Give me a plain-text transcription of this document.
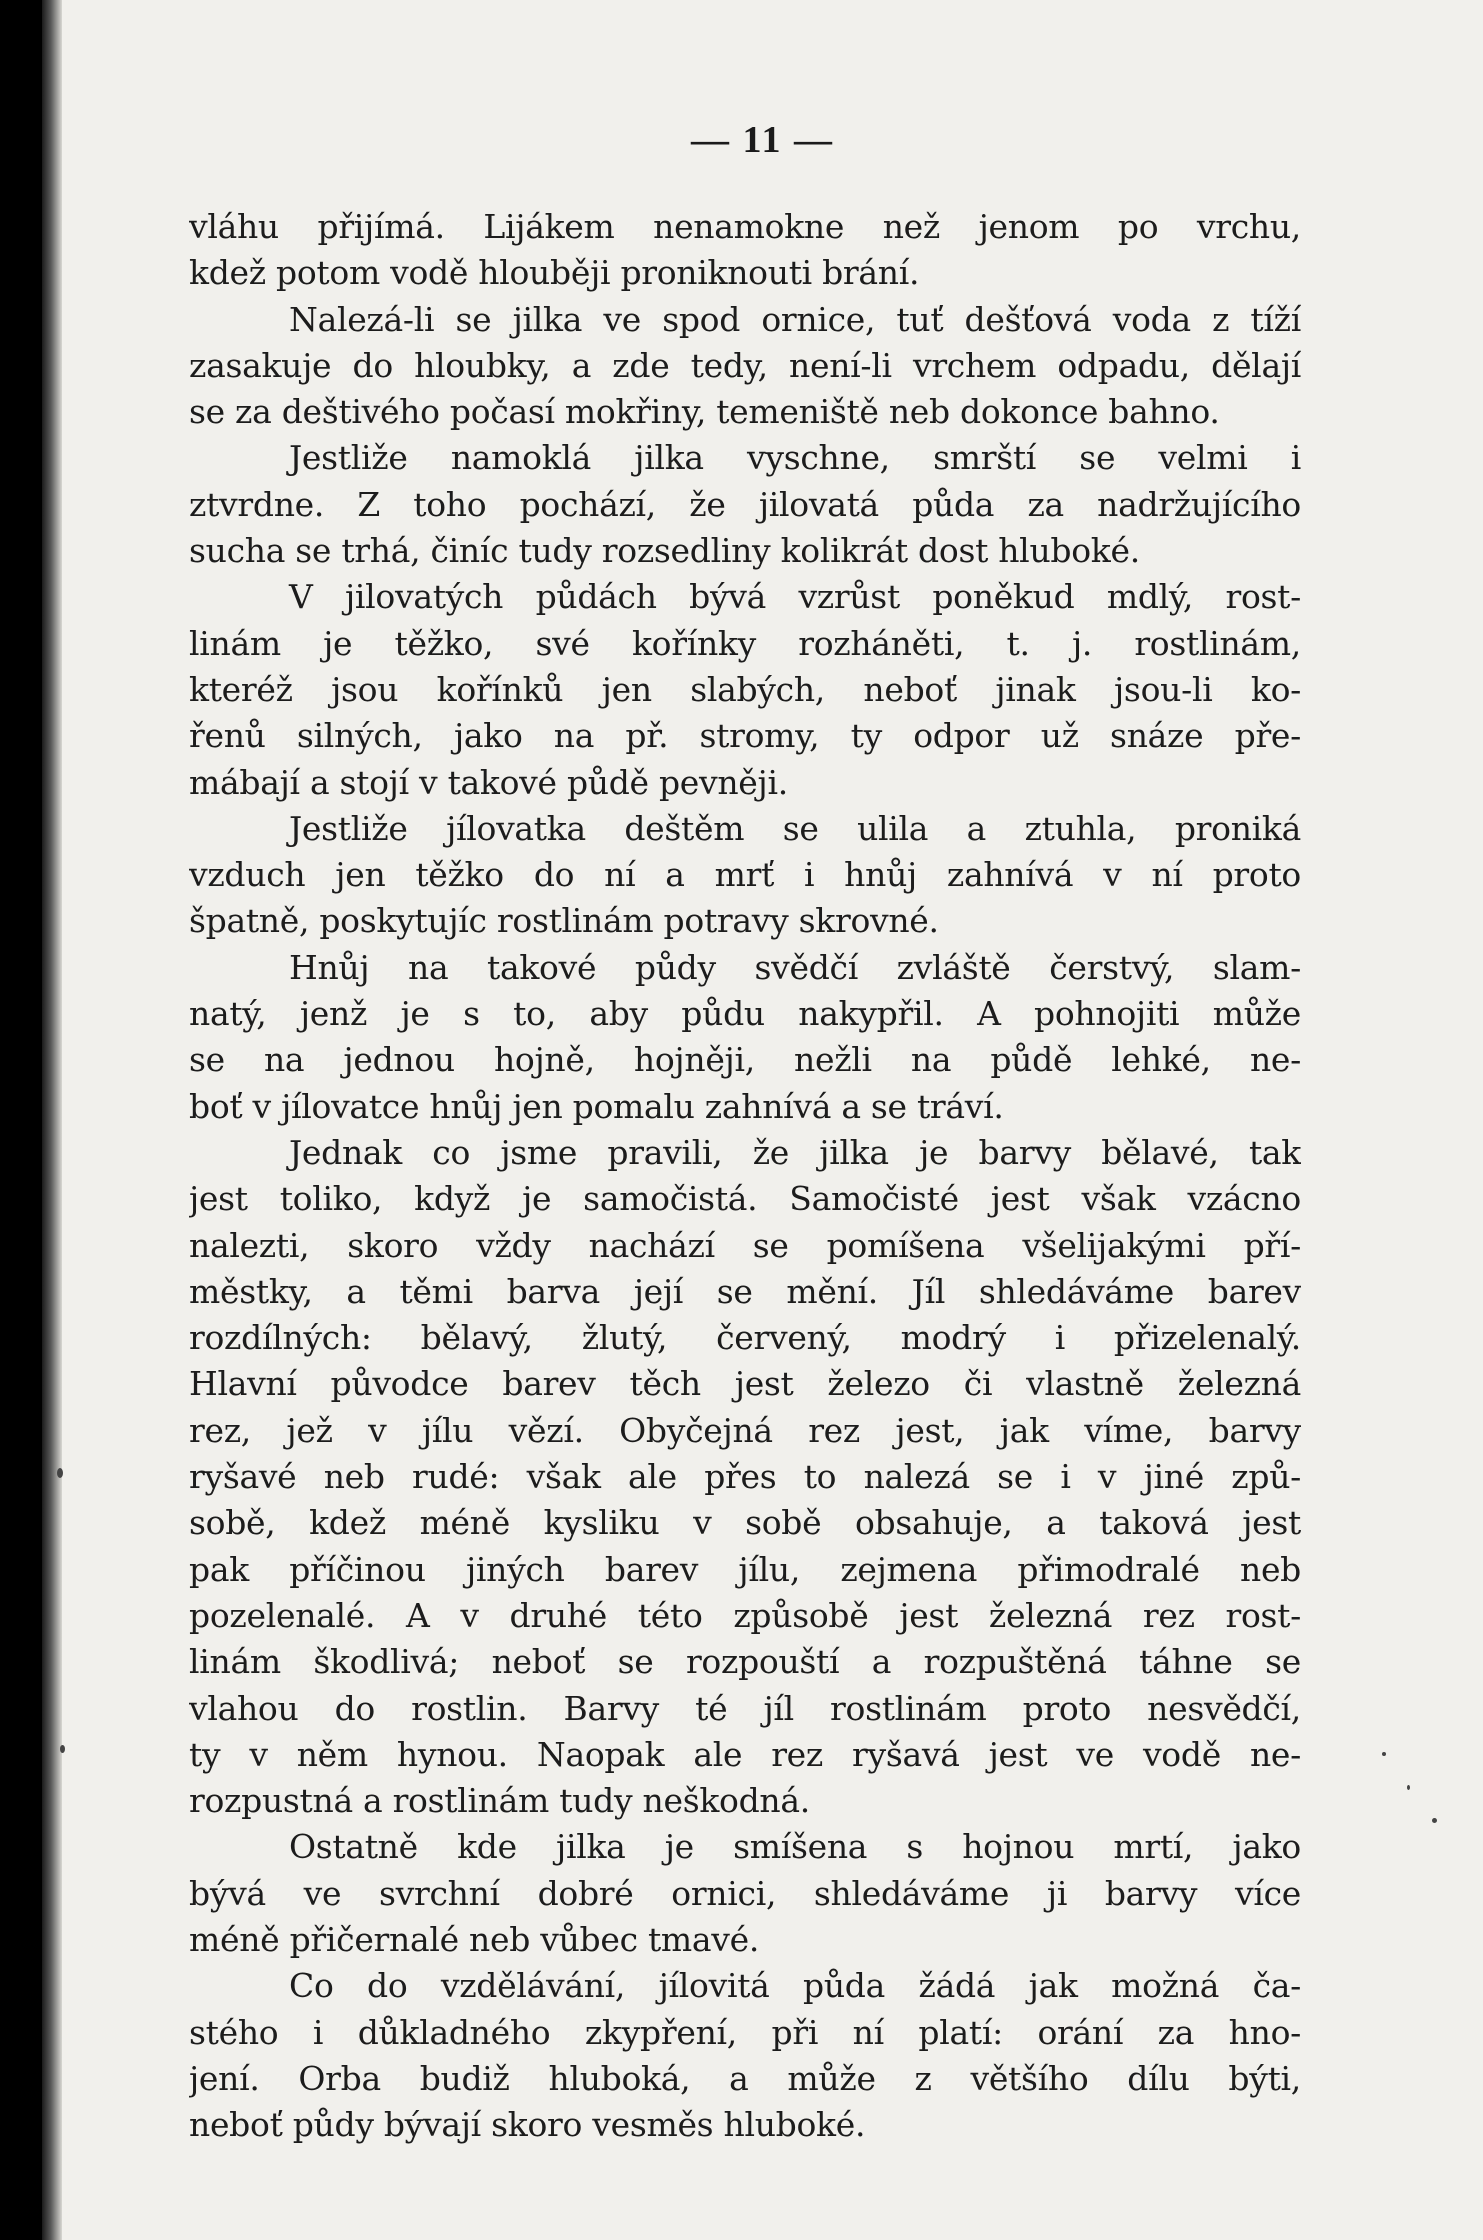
— 11 —
vláhu přijímá. Lijákem nenamokne než jenom po vrchu,
kdež potom vodě hlouběji proniknouti brání.
Nalezá-li se jilka ve spod ornice, tuť dešťová voda z tíží
zasakuje do hloubky, a zde tedy, není-li vrchem odpadu, dělají
se za deštivého počasí mokřiny, temeniště neb dokonce bahno.
Jestliže namoklá jilka vyschne, smrští se velmi i
ztvrdne. Z toho pochází, že jilovatá půda za nadržujícího
sucha se trhá, činíc tudy rozsedliny kolikrát dost hluboké.
V jilovatých půdách bývá vzrůst poněkud mdlý, rost-
linám je těžko, své kořínky rozháněti, t. j. rostlinám,
kteréž jsou kořínků jen slabých, neboť jinak jsou-li ko-
řenů silných, jako na př. stromy, ty odpor už snáze pře-
mábají a stojí v takové půdě pevněji.
Jestliže jílovatka deštěm se ulila a ztuhla, proniká
vzduch jen těžko do ní a mrť i hnůj zahnívá v ní proto
špatně, poskytujíc rostlinám potravy skrovné.
Hnůj na takové půdy svědčí zvláště čerstvý, slam-
natý, jenž je s to, aby půdu nakypřil. A pohnojiti může
se na jednou hojně, hojněji, nežli na půdě lehké, ne-
boť v jílovatce hnůj jen pomalu zahnívá a se tráví.
Jednak co jsme pravili, že jilka je barvy bělavé, tak
jest toliko, když je samočistá. Samočisté jest však vzácno
nalezti, skoro vždy nachází se pomíšena všelijakými pří-
městky, a těmi barva její se mění. Jíl shledáváme barev
rozdílných: bělavý, žlutý, červený, modrý i přizelenalý.
Hlavní původce barev těch jest železo či vlastně železná
rez, jež v jílu vězí. Obyčejná rez jest, jak víme, barvy
ryšavé neb rudé: však ale přes to nalezá se i v jiné způ-
sobě, kdež méně kysliku v sobě obsahuje, a taková jest
pak příčinou jiných barev jílu, zejmena přimodralé neb
pozelenalé. A v druhé této způsobě jest železná rez rost-
linám škodlivá; neboť se rozpouští a rozpuštěná táhne se
vlahou do rostlin. Barvy té jíl rostlinám proto nesvědčí,
ty v něm hynou. Naopak ale rez ryšavá jest ve vodě ne-
rozpustná a rostlinám tudy neškodná.
Ostatně kde jilka je smíšena s hojnou mrtí, jako
bývá ve svrchní dobré ornici, shledáváme ji barvy více
méně přičernalé neb vůbec tmavé.
Co do vzdělávání, jílovitá půda žádá jak možná ča-
stého i důkladného zkypření, při ní platí: orání za hno-
jení. Orba budiž hluboká, a může z většího dílu býti,
neboť půdy bývají skoro vesměs hluboké.
